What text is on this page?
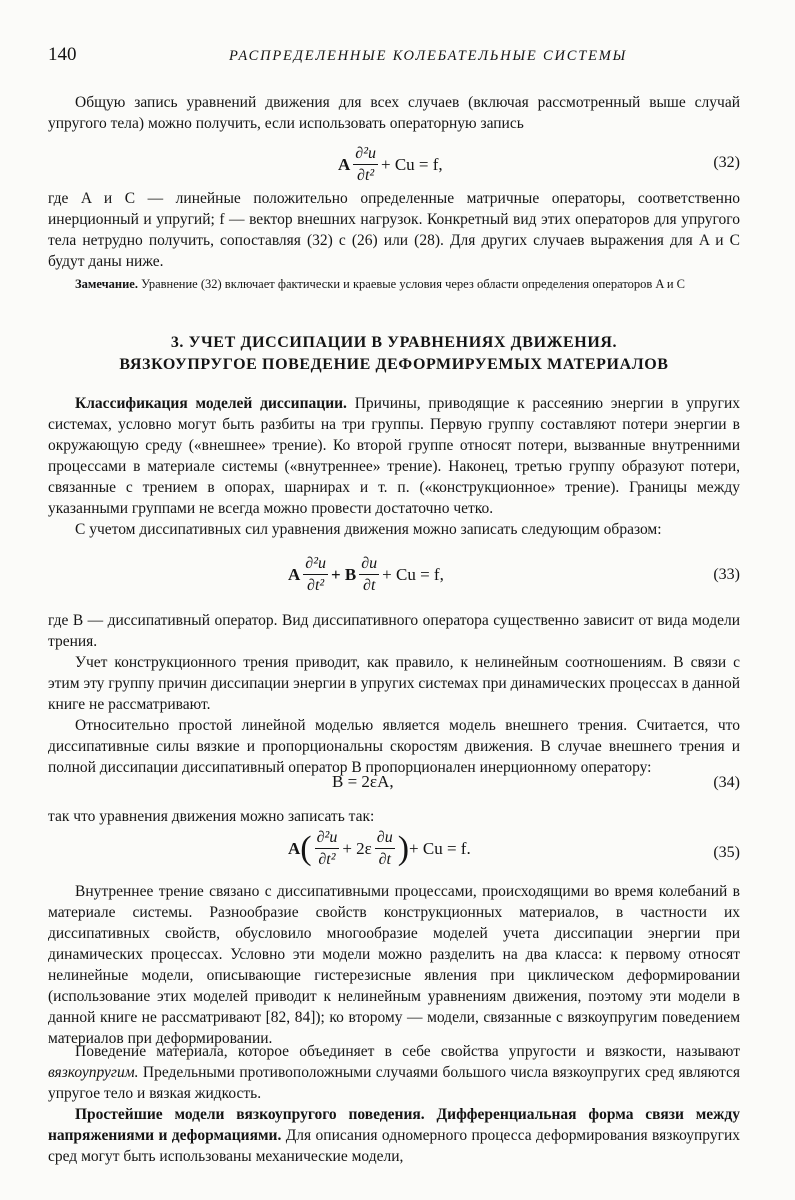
140	РАСПРЕДЕЛЕННЫЕ КОЛЕБАТЕЛЬНЫЕ СИСТЕМЫ

Общую запись уравнений движения для всех случаев (включая рассмотренный выше случай упругого тела) можно получить, если использовать операторную запись

A $\frac{\text{∂²u}}{\text{∂t²}} + Cu = f$,	(32)

где A и C — линейные положительно определенные матричные операторы, соответственно инерционный и упругий; f — вектор внешних нагрузок. Конкретный вид этих операторов для упругого тела нетрудно получить, сопоставляя (32) с (26) или (28). Для других случаев выражения для A и C будут даны ниже.

Замечание. Уравнение (32) включает фактически и краевые условия через области определения операторов A и C

3. УЧЕТ ДИССИПАЦИИ В УРАВНЕНИЯХ ДВИЖЕНИЯ.
ВЯЗКОУПРУГОЕ ПОВЕДЕНИЕ ДЕФОРМИРУЕМЫХ МАТЕРИАЛОВ

Классификация моделей диссипации. Причины, приводящие к рассеянию энергии в упругих системах, условно могут быть разбиты на три группы. Первую группу составляют потери энергии в окружающую среду («внешнее» трение). Ко второй группе относят потери, вызванные внутренними процессами в материале системы («внутреннее» трение). Наконец, третью группу образуют потери, связанные с трением в опорах, шарнирах и т. п. («конструкционное» трение). Границы между указанными группами не всегда можно провести достаточно четко.

С учетом диссипативных сил уравнения движения можно записать следующим образом:

A $\frac{\text{∂²u}}{\text{∂t²}} + B \frac{\partial u}{\partial t} + Cu = f$,	(33)

где B — диссипативный оператор. Вид диссипативного оператора существенно зависит от вида модели трения.

Учет конструкционного трения приводит, как правило, к нелинейным соотношениям. В связи с этим эту группу причин диссипации энергии в упругих системах при динамических процессах в данной книге не рассматривают.

Относительно простой линейной моделью является модель внешнего трения. Считается, что диссипативные силы вязкие и пропорциональны скоростям движения. В случае внешнего трения и полной диссипации диссипативный оператор B пропорционален инерционному оператору:

B = 2εA,	(34)

так что уравнения движения можно записать так:

A ( $\frac{\text{∂²u}}{\text{∂t²}} + 2\varepsilon \frac{\partial u}{\partial t}$ ) + Cu = f.	(35)

Внутреннее трение связано с диссипативными процессами, происходящими во время колебаний в материале системы. Разнообразие свойств конструкционных материалов, в частности их диссипативных свойств, обусловило многообразие моделей учета диссипации энергии при динамических процессах. Условно эти модели можно разделить на два класса: к первому относят нелинейные модели, описывающие гистерезисные явления при циклическом деформировании (использование этих моделей приводит к нелинейным уравнениям движения, поэтому эти модели в данной книге не рассматривают [82, 84]); ко второму — модели, связанные с вязкоупругим поведением материалов при деформировании.

Поведение материала, которое объединяет в себе свойства упругости и вязкости, называют вязкоупругим. Предельными противоположными случаями большого числа вязкоупругих сред являются упругое тело и вязкая жидкость.

Простейшие модели вязкоупругого поведения. Дифференциальная форма связи между напряжениями и деформациями. Для описания одномерного процесса деформирования вязкоупругих сред могут быть использованы механические модели,
